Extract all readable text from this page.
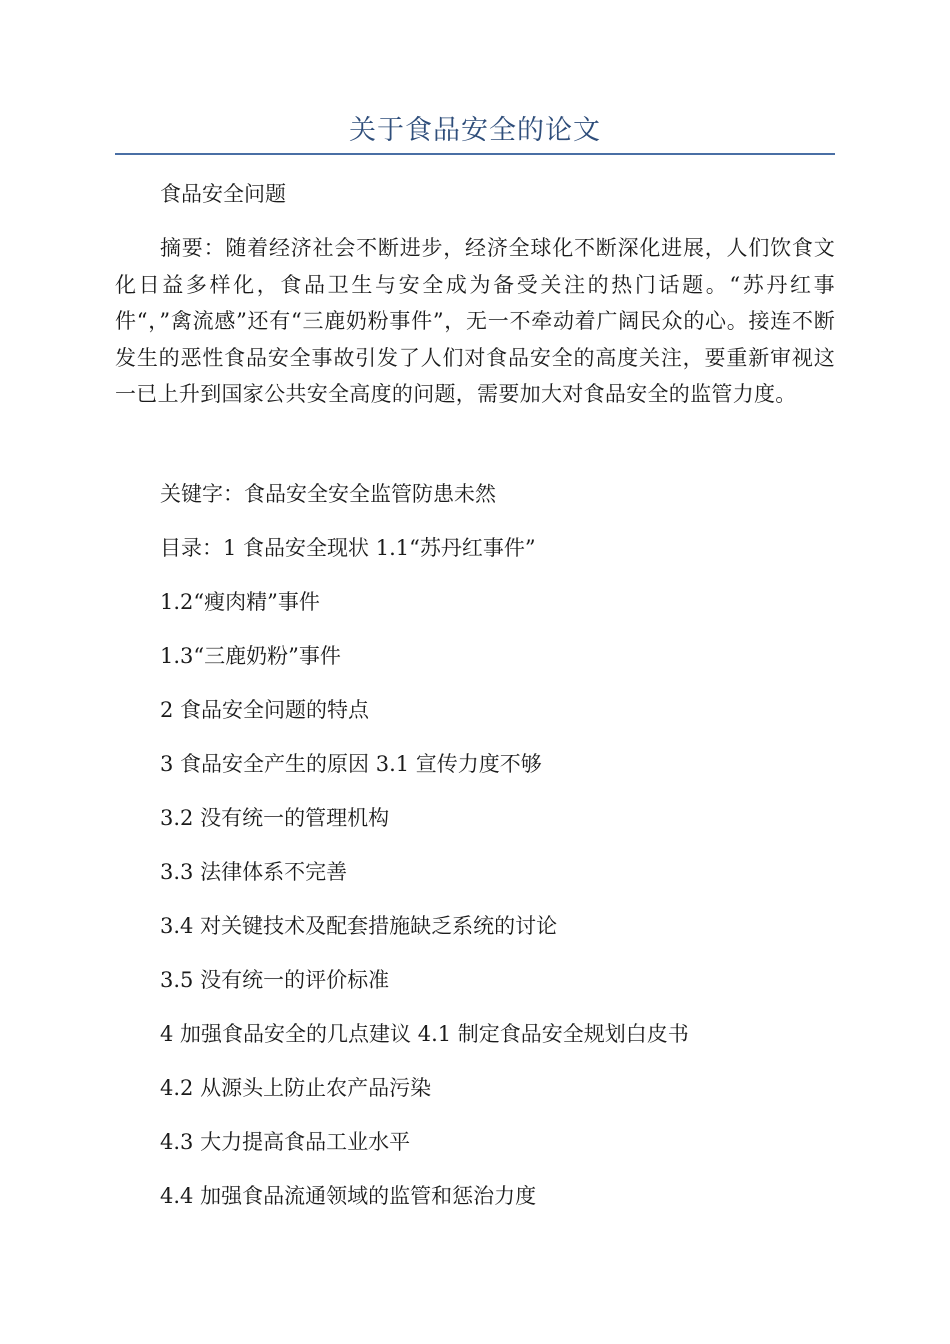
关于食品安全的论文
食品安全问题
摘要：随着经济社会不断进步，经济全球化不断深化进展，人们饮食文化日益多样化，食品卫生与安全成为备受关注的热门话题。“苏丹红事件“，”禽流感”还有“三鹿奶粉事件”，无一不牵动着广阔民众的心。接连不断发生的恶性食品安全事故引发了人们对食品安全的高度关注，要重新审视这一已上升到国家公共安全高度的问题，需要加大对食品安全的监管力度。
关键字：食品安全安全监管防患未然
目录：1 食品安全现状 1.1“苏丹红事件”
1.2“瘦肉精”事件
1.3“三鹿奶粉”事件
2 食品安全问题的特点
3 食品安全产生的原因 3.1 宣传力度不够
3.2 没有统一的管理机构
3.3 法律体系不完善
3.4 对关键技术及配套措施缺乏系统的讨论
3.5 没有统一的评价标准
4 加强食品安全的几点建议 4.1 制定食品安全规划白皮书
4.2 从源头上防止农产品污染
4.3 大力提高食品工业水平
4.4 加强食品流通领域的监管和惩治力度
